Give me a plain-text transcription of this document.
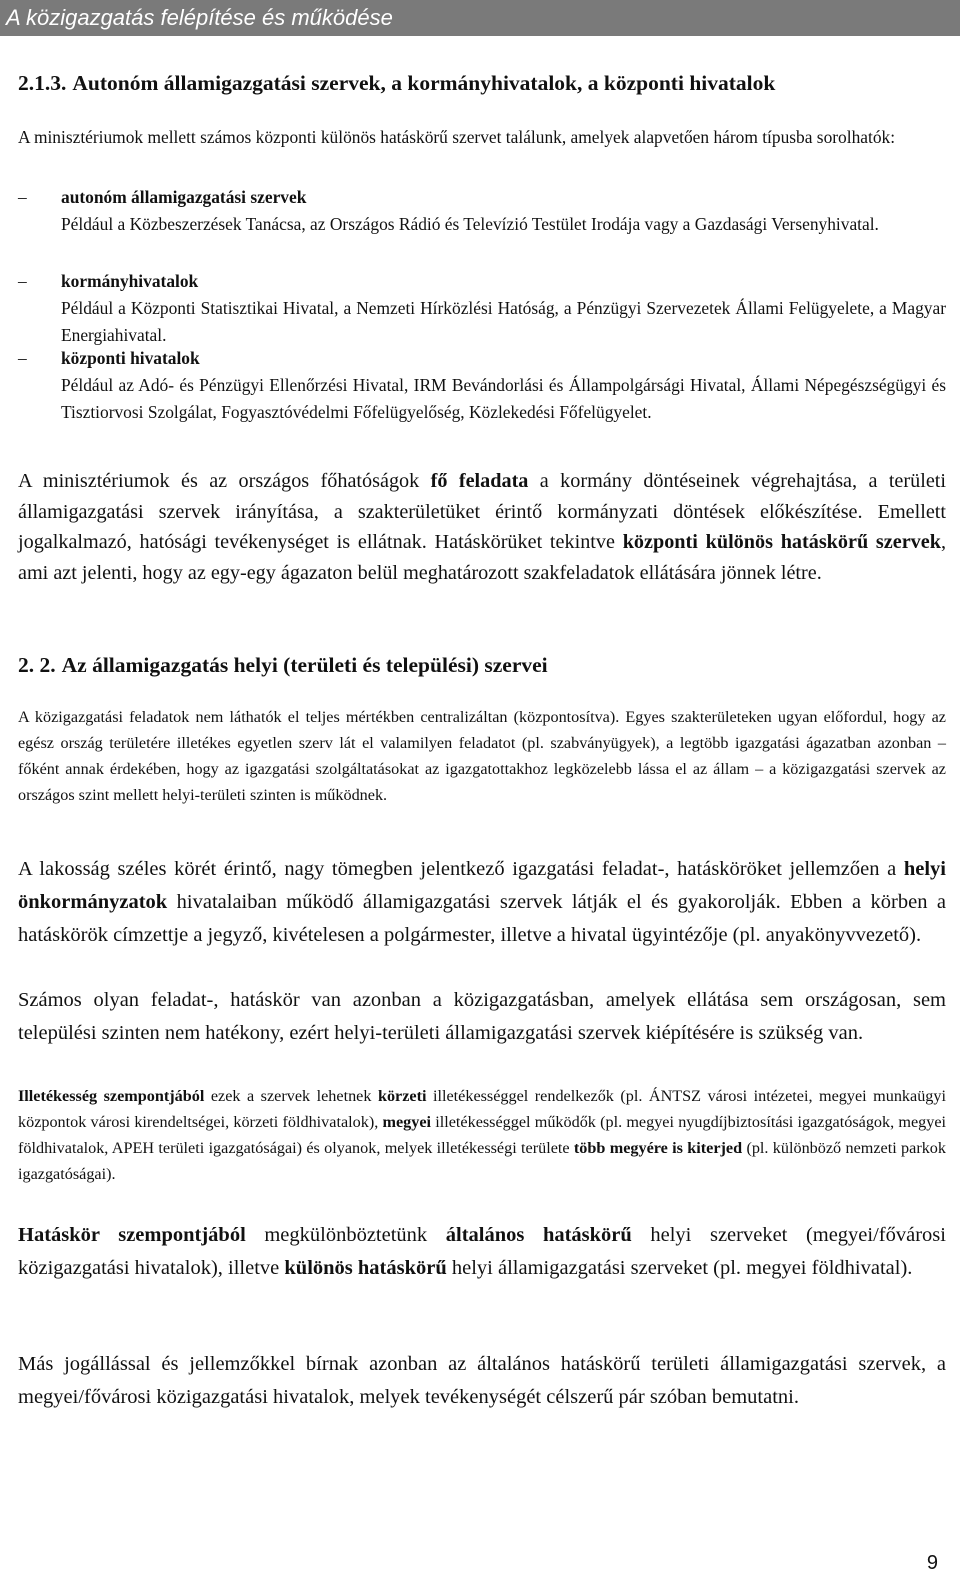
A közigazgatás felépítése és működése
2.1.3. Autonóm államigazgatási szervek, a kormányhivatalok, a központi hivatalok
A minisztériumok mellett számos központi különös hatáskörű szervet találunk, amelyek alapvetően három típusba sorolhatók:
– autonóm államigazgatási szervek
Például a Közbeszerzések Tanácsa, az Országos Rádió és Televízió Testület Irodája vagy a Gazdasági Versenyhivatal.
– kormányhivatalok
Például a Központi Statisztikai Hivatal, a Nemzeti Hírközlési Hatóság, a Pénzügyi Szervezetek Állami Felügyelete, a Magyar Energiahivatal.
– központi hivatalok
Például az Adó- és Pénzügyi Ellenőrzési Hivatal, IRM Bevándorlási és Állampolgársági Hivatal, Állami Népegészségügyi és Tisztiorvosi Szolgálat, Fogyasztóvédelmi Főfelügyelőség, Közlekedési Főfelügyelet.
A minisztériumok és az országos főhatóságok fő feladata a kormány döntéseinek végrehajtása, a területi államigazgatási szervek irányítása, a szakterületüket érintő kormányzati döntések előkészítése. Emellett jogalkalmazó, hatósági tevékenységet is ellátnak. Hatáskörüket tekintve központi különös hatáskörű szervek, ami azt jelenti, hogy az egy-egy ágazaton belül meghatározott szakfeladatok ellátására jönnek létre.
2. 2. Az államigazgatás helyi (területi és települési) szervei
A közigazgatási feladatok nem láthatók el teljes mértékben centralizáltan (központosítva). Egyes szakterületeken ugyan előfordul, hogy az egész ország területére illetékes egyetlen szerv lát el valamilyen feladatot (pl. szabványügyek), a legtöbb igazgatási ágazatban azonban – főként annak érdekében, hogy az igazgatási szolgáltatásokat az igazgatottakhoz legközelebb lássa el az állam – a közigazgatási szervek az országos szint mellett helyi-területi szinten is működnek.
A lakosság széles körét érintő, nagy tömegben jelentkező igazgatási feladat-, hatásköröket jellemzően a helyi önkormányzatok hivatalaiban működő államigazgatási szervek látják el és gyakorolják. Ebben a körben a hatáskörök címzettje a jegyző, kivételesen a polgármester, illetve a hivatal ügyintézője (pl. anyakönyvvezető).
Számos olyan feladat-, hatáskör van azonban a közigazgatásban, amelyek ellátása sem országosan, sem települési szinten nem hatékony, ezért helyi-területi államigazgatási szervek kiépítésére is szükség van.
Illetékesség szempontjából ezek a szervek lehetnek körzeti illetékességgel rendelkezők (pl. ÁNTSZ városi intézetei, megyei munkaügyi központok városi kirendeltségei, körzeti földhivatalok), megyei illetékességgel működők (pl. megyei nyugdíjbiztosítási igazgatóságok, megyei földhivatalok, APEH területi igazgatóságai) és olyanok, melyek illetékességi területe több megyére is kiterjed (pl. különböző nemzeti parkok igazgatóságai).
Hatáskör szempontjából megkülönböztetünk általános hatáskörű helyi szerveket (megyei/fővárosi közigazgatási hivatalok), illetve különös hatáskörű helyi államigazgatási szerveket (pl. megyei földhivatal).
Más jogállással és jellemzőkkel bírnak azonban az általános hatáskörű területi államigazgatási szervek, a megyei/fővárosi közigazgatási hivatalok, melyek tevékenységét célszerű pár szóban bemutatni.
9
